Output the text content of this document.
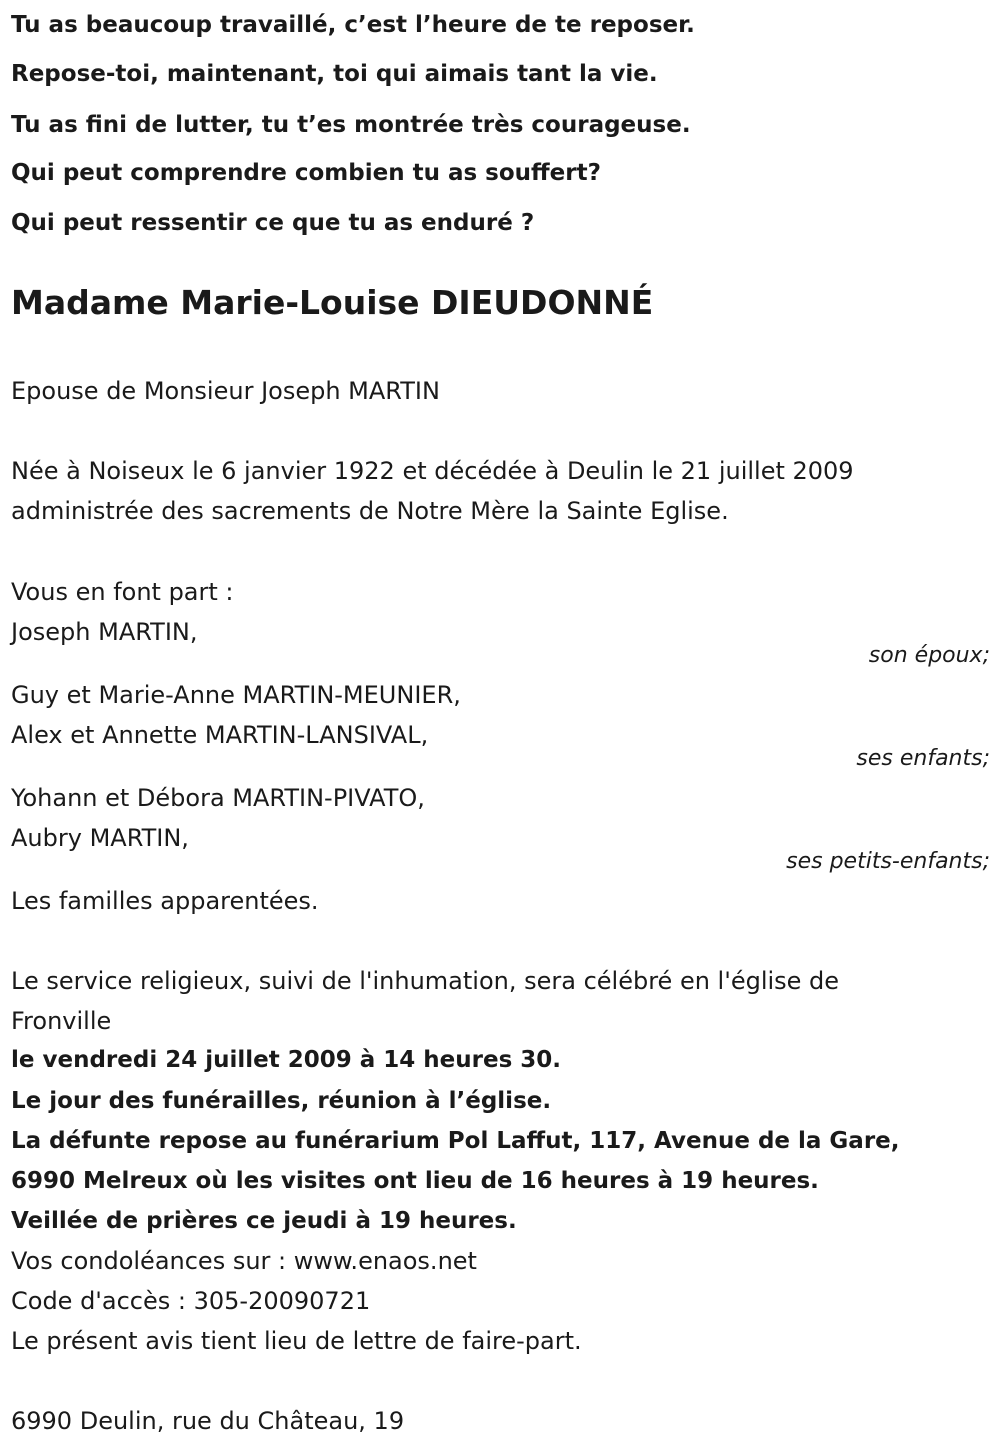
Tu as beaucoup travaillé, c’est l’heure de te reposer.
Repose-toi, maintenant, toi qui aimais tant la vie.
Tu as fini de lutter, tu t’es montrée très courageuse.
Qui peut comprendre combien tu as souffert?
Qui peut ressentir ce que tu as enduré ?
Madame Marie-Louise DIEUDONNÉ
Epouse de Monsieur Joseph MARTIN
Née à Noiseux le 6 janvier 1922 et décédée à Deulin le 21 juillet 2009
administrée des sacrements de Notre Mère la Sainte Eglise.
Vous en font part :
Joseph MARTIN,
son époux;
Guy et Marie-Anne MARTIN-MEUNIER,
Alex et Annette MARTIN-LANSIVAL,
ses enfants;
Yohann et Débora MARTIN-PIVATO,
Aubry MARTIN,
ses petits-enfants;
Les familles apparentées.
Le service religieux, suivi de l'inhumation, sera célébré en l'église de
Fronville
le vendredi 24 juillet 2009 à 14 heures 30.
Le jour des funérailles, réunion à l’église.
La défunte repose au funérarium Pol Laffut, 117, Avenue de la Gare,
6990 Melreux où les visites ont lieu de 16 heures à 19 heures.
Veillée de prières ce jeudi à 19 heures.
Vos condoléances sur : www.enaos.net
Code d'accès : 305-20090721
Le présent avis tient lieu de lettre de faire-part.
6990 Deulin, rue du Château, 19
